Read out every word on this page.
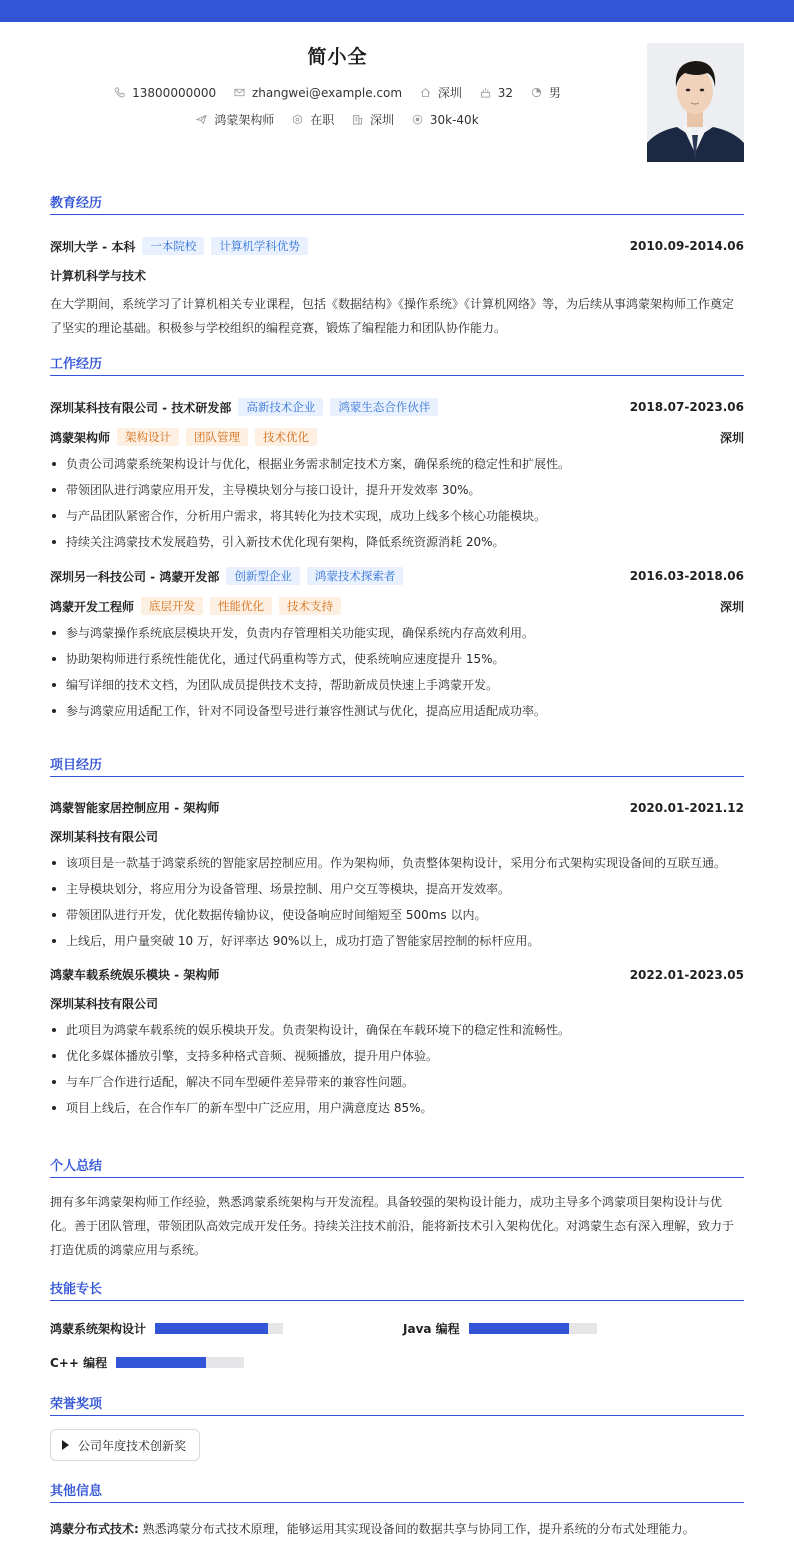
简小全
13800000000
	zhangwei@example.com
	深圳
	32
	男
鸿蒙架构师
	在职
	深圳
	30k-40k
教育经历
深圳大学 - 本科	一本院校	计算机学科优势	2010.09-2014.06
计算机科学与技术
在大学期间，系统学习了计算机相关专业课程，包括《数据结构》《操作系统》《计算机网络》等，为后续从事鸿蒙架构师工作奠定了坚实的理论基础。积极参与学校组织的编程竞赛，锻炼了编程能力和团队协作能力。
工作经历
深圳某科技有限公司 - 技术研发部	高新技术企业	鸿蒙生态合作伙伴	2018.07-2023.06
鸿蒙架构师	架构设计	团队管理	技术优化	深圳
负责公司鸿蒙系统架构设计与优化，根据业务需求制定技术方案，确保系统的稳定性和扩展性。
带领团队进行鸿蒙应用开发，主导模块划分与接口设计，提升开发效率 30%。
与产品团队紧密合作，分析用户需求，将其转化为技术实现，成功上线多个核心功能模块。
持续关注鸿蒙技术发展趋势，引入新技术优化现有架构，降低系统资源消耗 20%。
深圳另一科技公司 - 鸿蒙开发部	创新型企业	鸿蒙技术探索者	2016.03-2018.06
鸿蒙开发工程师	底层开发	性能优化	技术支持	深圳
参与鸿蒙操作系统底层模块开发，负责内存管理相关功能实现，确保系统内存高效利用。
协助架构师进行系统性能优化，通过代码重构等方式，使系统响应速度提升 15%。
编写详细的技术文档，为团队成员提供技术支持，帮助新成员快速上手鸿蒙开发。
参与鸿蒙应用适配工作，针对不同设备型号进行兼容性测试与优化，提高应用适配成功率。
项目经历
鸿蒙智能家居控制应用 - 架构师	2020.01-2021.12
深圳某科技有限公司
该项目是一款基于鸿蒙系统的智能家居控制应用。作为架构师，负责整体架构设计，采用分布式架构实现设备间的互联互通。
主导模块划分，将应用分为设备管理、场景控制、用户交互等模块，提高开发效率。
带领团队进行开发，优化数据传输协议，使设备响应时间缩短至 500ms 以内。
上线后，用户量突破 10 万，好评率达 90%以上，成功打造了智能家居控制的标杆应用。
鸿蒙车载系统娱乐模块 - 架构师	2022.01-2023.05
深圳某科技有限公司
此项目为鸿蒙车载系统的娱乐模块开发。负责架构设计，确保在车载环境下的稳定性和流畅性。
优化多媒体播放引擎，支持多种格式音频、视频播放，提升用户体验。
与车厂合作进行适配，解决不同车型硬件差异带来的兼容性问题。
项目上线后，在合作车厂的新车型中广泛应用，用户满意度达 85%。
个人总结
拥有多年鸿蒙架构师工作经验，熟悉鸿蒙系统架构与开发流程。具备较强的架构设计能力，成功主导多个鸿蒙项目架构设计与优化。善于团队管理，带领团队高效完成开发任务。持续关注技术前沿，能将新技术引入架构优化。对鸿蒙生态有深入理解，致力于打造优质的鸿蒙应用与系统。
技能专长
鸿蒙系统架构设计	Java 编程
C++ 编程
荣誉奖项
公司年度技术创新奖
其他信息
鸿蒙分布式技术: 熟悉鸿蒙分布式技术原理，能够运用其实现设备间的数据共享与协同工作，提升系统的分布式处理能力。
